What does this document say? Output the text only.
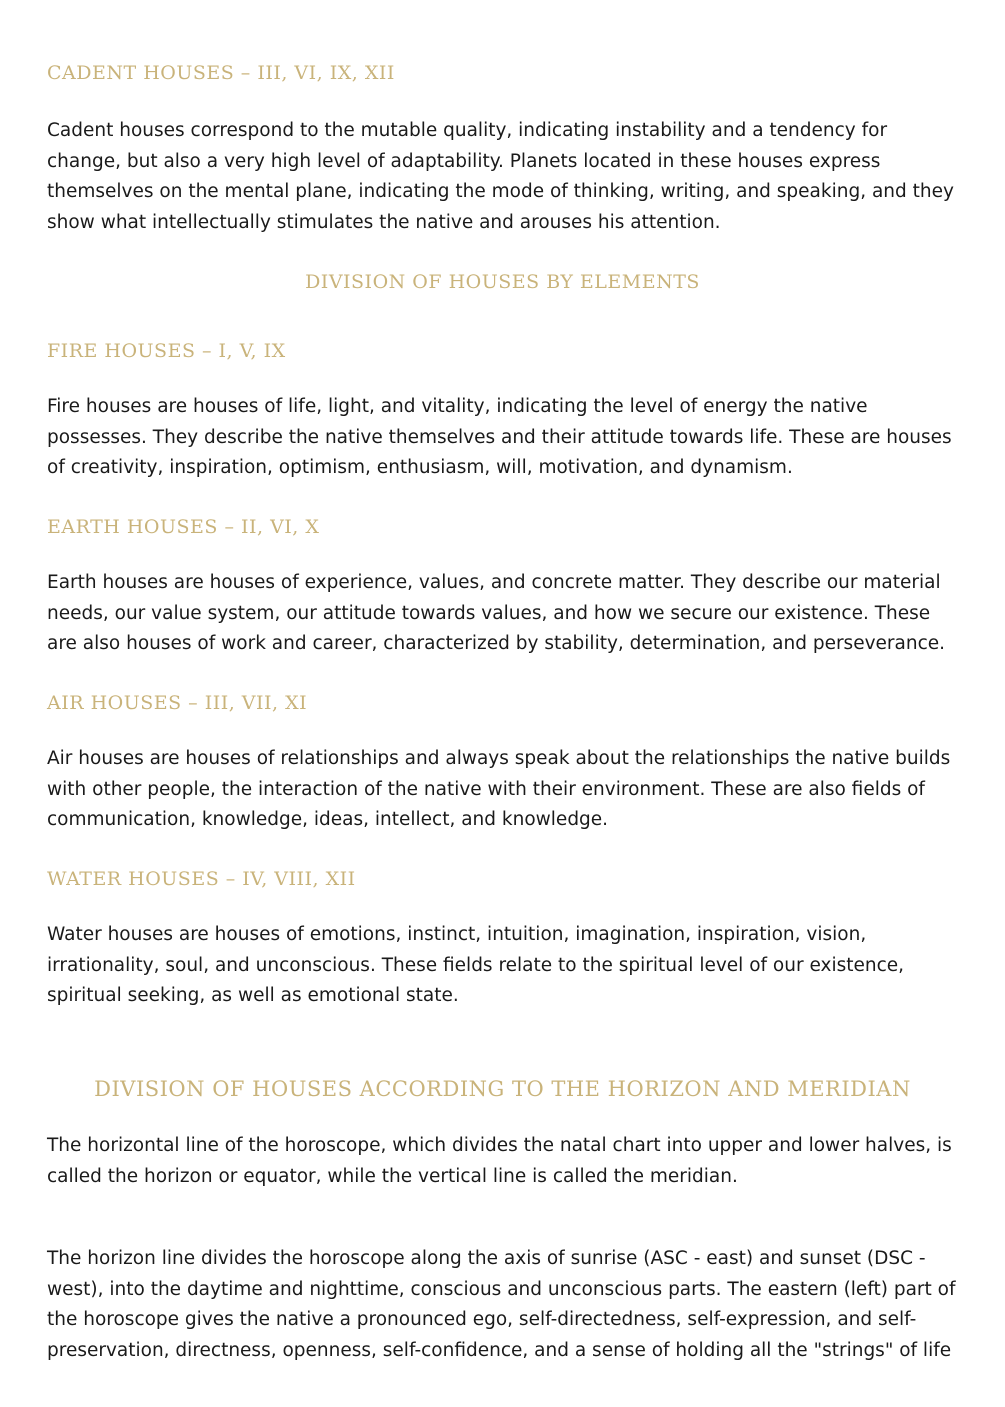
CADENT HOUSES – III, VI, IX, XII

Cadent houses correspond to the mutable quality, indicating instability and a tendency for change, but also a very high level of adaptability. Planets located in these houses express themselves on the mental plane, indicating the mode of thinking, writing, and speaking, and they show what intellectually stimulates the native and arouses his attention.

DIVISION OF HOUSES BY ELEMENTS
FIRE HOUSES – I, V, IX

Fire houses are houses of life, light, and vitality, indicating the level of energy the native possesses. They describe the native themselves and their attitude towards life. These are houses of creativity, inspiration, optimism, enthusiasm, will, motivation, and dynamism.

EARTH HOUSES – II, VI, X

Earth houses are houses of experience, values, and concrete matter. They describe our material needs, our value system, our attitude towards values, and how we secure our existence. These are also houses of work and career, characterized by stability, determination, and perseverance.

AIR HOUSES – III, VII, XI

Air houses are houses of relationships and always speak about the relationships the native builds with other people, the interaction of the native with their environment. These are also fields of communication, knowledge, ideas, intellect, and knowledge.

WATER HOUSES – IV, VIII, XII

Water houses are houses of emotions, instinct, intuition, imagination, inspiration, vision, irrationality, soul, and unconscious. These fields relate to the spiritual level of our existence, spiritual seeking, as well as emotional state.

DIVISION OF HOUSES ACCORDING TO THE HORIZON AND MERIDIAN

The horizontal line of the horoscope, which divides the natal chart into upper and lower halves, is called the horizon or equator, while the vertical line is called the meridian.

The horizon line divides the horoscope along the axis of sunrise (ASC - east) and sunset (DSC - west), into the daytime and nighttime, conscious and unconscious parts. The eastern (left) part of the horoscope gives the native a pronounced ego, self-directedness, self-expression, and self-preservation, directness, openness, self-confidence, and a sense of holding all the "strings" of life
